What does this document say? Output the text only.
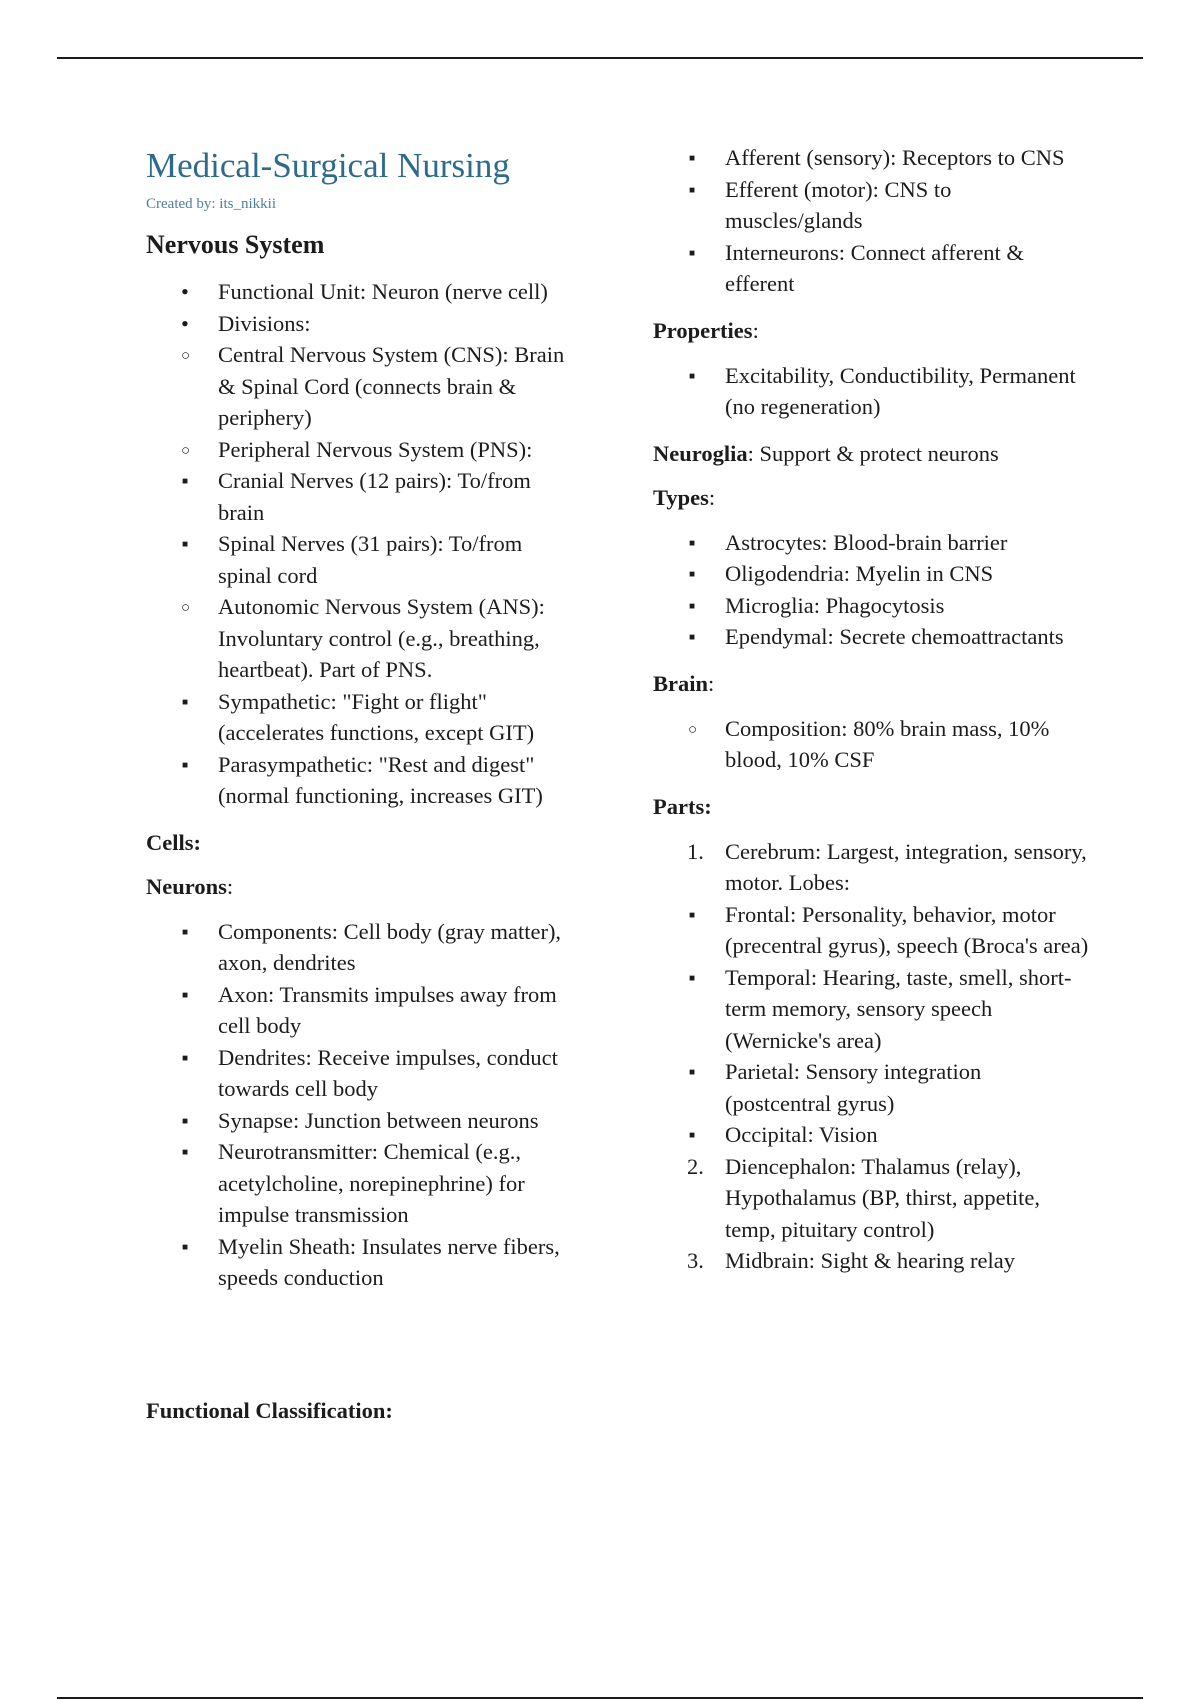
Medical-Surgical Nursing

Created by: its_nikkii

Nervous System
•
Functional Unit: Neuron (nerve cell)
•
Divisions:
○
Central Nervous System (CNS): Brain & Spinal Cord (connects brain & periphery)
○
Peripheral Nervous System (PNS):
■
Cranial Nerves (12 pairs): To/from brain
■
Spinal Nerves (31 pairs): To/from spinal cord
○
Autonomic Nervous System (ANS): Involuntary control (e.g., breathing, heartbeat). Part of PNS.
■
Sympathetic: "Fight or flight" (accelerates functions, except GIT)
■
Parasympathetic: "Rest and digest" (normal functioning, increases GIT)

Cells:

Neurons:

■
Components: Cell body (gray matter), axon, dendrites
■
Axon: Transmits impulses away from cell body
■
Dendrites: Receive impulses, conduct towards cell body
■
Synapse: Junction between neurons
■
Neurotransmitter: Chemical (e.g., acetylcholine, norepinephrine) for impulse transmission
■
Myelin Sheath: Insulates nerve fibers, speeds conduction

Functional Classification:

■
Afferent (sensory): Receptors to CNS
■
Efferent (motor): CNS to muscles/glands
■
Interneurons: Connect afferent & efferent

Properties:

■
Excitability, Conductibility, Permanent (no regeneration)

Neuroglia: Support & protect neurons

Types:

■
Astrocytes: Blood-brain barrier
■
Oligodendria: Myelin in CNS
■
Microglia: Phagocytosis
■
Ependymal: Secrete chemoattractants

Brain:

○
Composition: 80% brain mass, 10% blood, 10% CSF

Parts:

1. Cerebrum: Largest, integration, sensory, motor. Lobes:
■
Frontal: Personality, behavior, motor (precentral gyrus), speech (Broca's area)
■
Temporal: Hearing, taste, smell, short-term memory, sensory speech (Wernicke's area)
■
Parietal: Sensory integration (postcentral gyrus)
■
Occipital: Vision
2. Diencephalon: Thalamus (relay), Hypothalamus (BP, thirst, appetite, temp, pituitary control)
3. Midbrain: Sight & hearing relay
